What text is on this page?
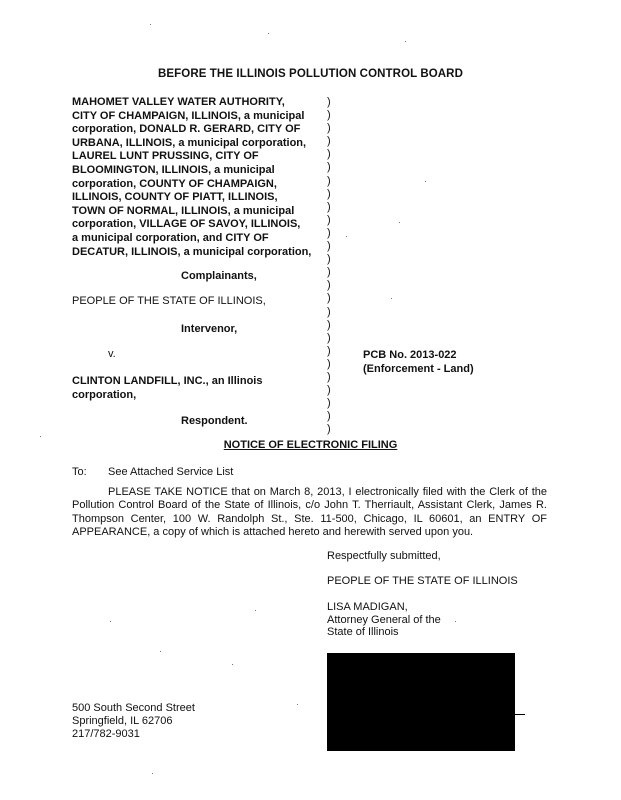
BEFORE THE ILLINOIS POLLUTION CONTROL BOARD
MAHOMET VALLEY WATER AUTHORITY,
CITY OF CHAMPAIGN, ILLINOIS, a municipal
corporation, DONALD R. GERARD, CITY OF
URBANA, ILLINOIS, a municipal corporation,
LAUREL LUNT PRUSSING, CITY OF
BLOOMINGTON, ILLINOIS, a municipal
corporation, COUNTY OF CHAMPAIGN,
ILLINOIS, COUNTY OF PIATT, ILLINOIS,
TOWN OF NORMAL, ILLINOIS, a municipal
corporation, VILLAGE OF SAVOY, ILLINOIS,
a municipal corporation, and CITY OF
DECATUR, ILLINOIS, a municipal corporation,
Complainants,
PEOPLE OF THE STATE OF ILLINOIS,
Intervenor,
v.
CLINTON LANDFILL, INC., an Illinois
corporation,
Respondent.
)
)
)
)
)
)
)
)
)
)
)
)
)
)
)
)
)
)
)
)
)
)
)
)
)
)
PCB No. 2013-022
(Enforcement - Land)
NOTICE OF ELECTRONIC FILING
To: See Attached Service List
PLEASE TAKE NOTICE that on March 8, 2013, I electronically filed with the Clerk of the Pollution Control Board of the State of Illinois, c/o John T. Therriault, Assistant Clerk, James R. Thompson Center, 100 W. Randolph St., Ste. 11-500, Chicago, IL 60601, an ENTRY OF APPEARANCE, a copy of which is attached hereto and herewith served upon you.
Respectfully submitted,
PEOPLE OF THE STATE OF ILLINOIS
LISA MADIGAN,
Attorney General of the
State of Illinois
500 South Second Street
Springfield, IL 62706
217/782-9031
